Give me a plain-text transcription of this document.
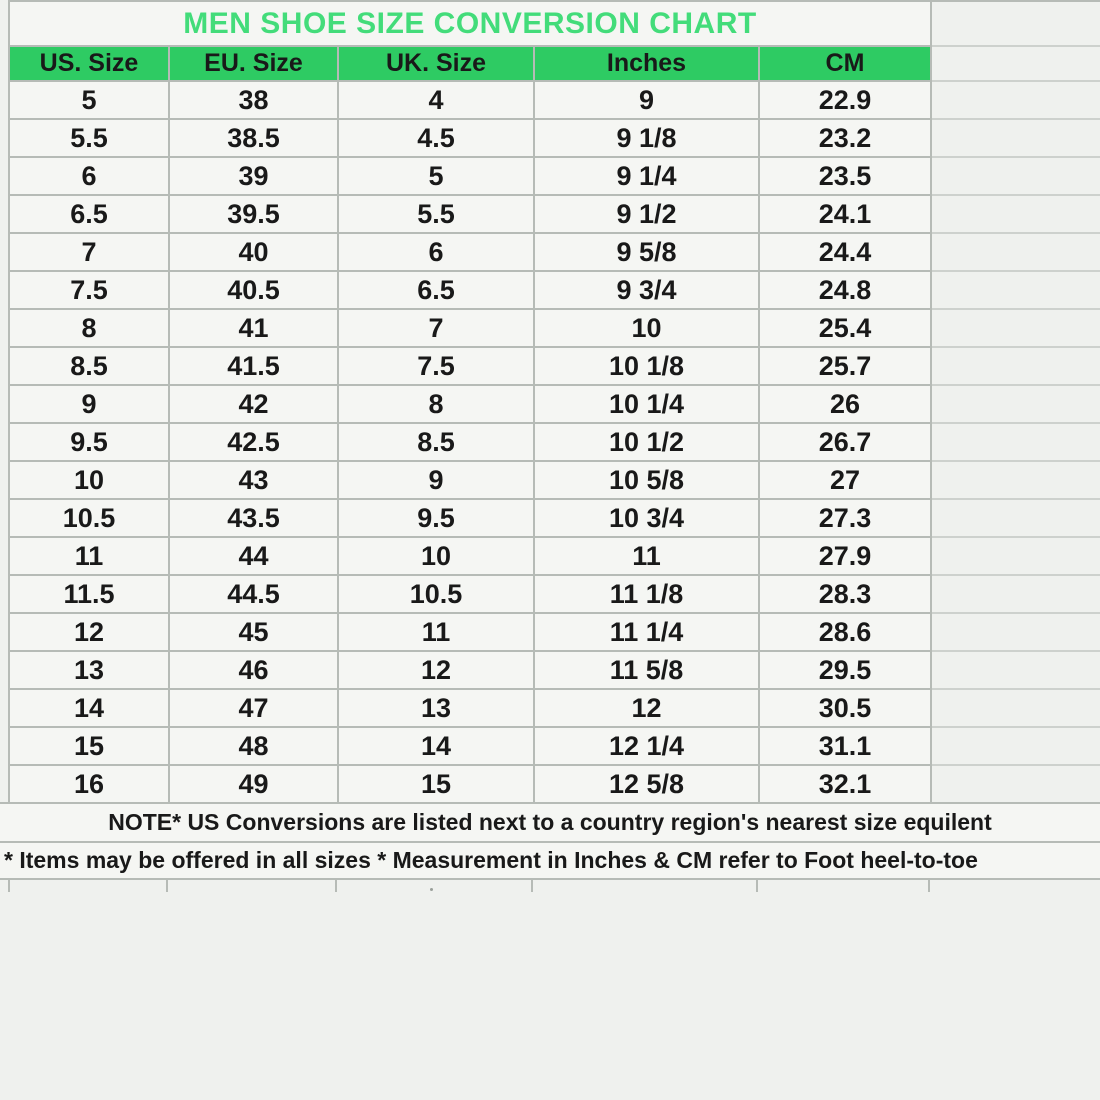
MEN SHOE SIZE CONVERSION CHART
US. Size	EU. Size	UK. Size	Inches	CM
5	38	4	9	22.9
5.5	38.5	4.5	9 1/8	23.2
6	39	5	9 1/4	23.5
6.5	39.5	5.5	9 1/2	24.1
7	40	6	9 5/8	24.4
7.5	40.5	6.5	9 3/4	24.8
8	41	7	10	25.4
8.5	41.5	7.5	10 1/8	25.7
9	42	8	10 1/4	26
9.5	42.5	8.5	10 1/2	26.7
10	43	9	10 5/8	27
10.5	43.5	9.5	10 3/4	27.3
11	44	10	11	27.9
11.5	44.5	10.5	11 1/8	28.3
12	45	11	11 1/4	28.6
13	46	12	11 5/8	29.5
14	47	13	12	30.5
15	48	14	12 1/4	31.1
16	49	15	12 5/8	32.1
NOTE* US Conversions are listed next to a country region's nearest size equilent
* Items may be offered in all sizes * Measurement in Inches & CM refer to Foot heel-to-toe
